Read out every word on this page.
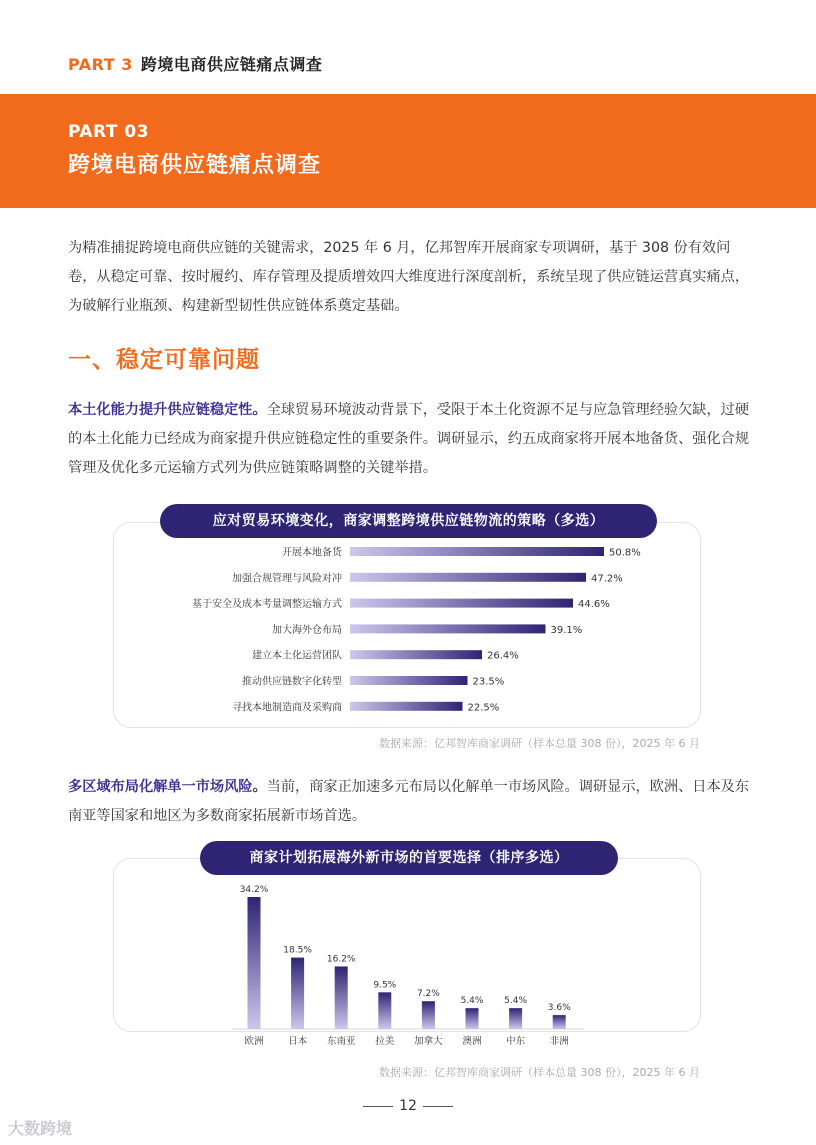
PART 3 跨境电商供应链痛点调查
PART 03
跨境电商供应链痛点调查

为精准捕捉跨境电商供应链的关键需求，2025 年 6 月，亿邦智库开展商家专项调研，基于 308 份有效问卷，从稳定可靠、按时履约、库存管理及提质增效四大维度进行深度剖析，系统呈现了供应链运营真实痛点，为破解行业瓶颈、构建新型韧性供应链体系奠定基础。

一、稳定可靠问题

本土化能力提升供应链稳定性。全球贸易环境波动背景下，受限于本土化资源不足与应急管理经验欠缺，过硬的本土化能力已经成为商家提升供应链稳定性的重要条件。调研显示，约五成商家将开展本地备货、强化合规管理及优化多元运输方式列为供应链策略调整的关键举措。

应对贸易环境变化，商家调整跨境供应链物流的策略（多选）
数据来源：亿邦智库商家调研（样本总量 308 份），2025 年 6 月

多区域布局化解单一市场风险。当前，商家正加速多元布局以化解单一市场风险。调研显示，欧洲、日本及东南亚等国家和地区为多数商家拓展新市场首选。

商家计划拓展海外新市场的首要选择（排序多选）
数据来源：亿邦智库商家调研（样本总量 308 份），2025 年 6 月
开展本地备货	50.8%
加强合规管理与风险对冲	47.2%
基于安全及成本考量调整运输方式	44.6%
加大海外仓布局	39.1%
建立本土化运营团队	26.4%
推动供应链数字化转型	23.5%
寻找本地制造商及采购商	22.5%
34.2%
欧洲
18.5%
日本
16.2%
东南亚
9.5%
拉美
7.2%
加拿大
5.4%
澳洲
5.4%
中东
3.6%
非洲
12
大数跨境
